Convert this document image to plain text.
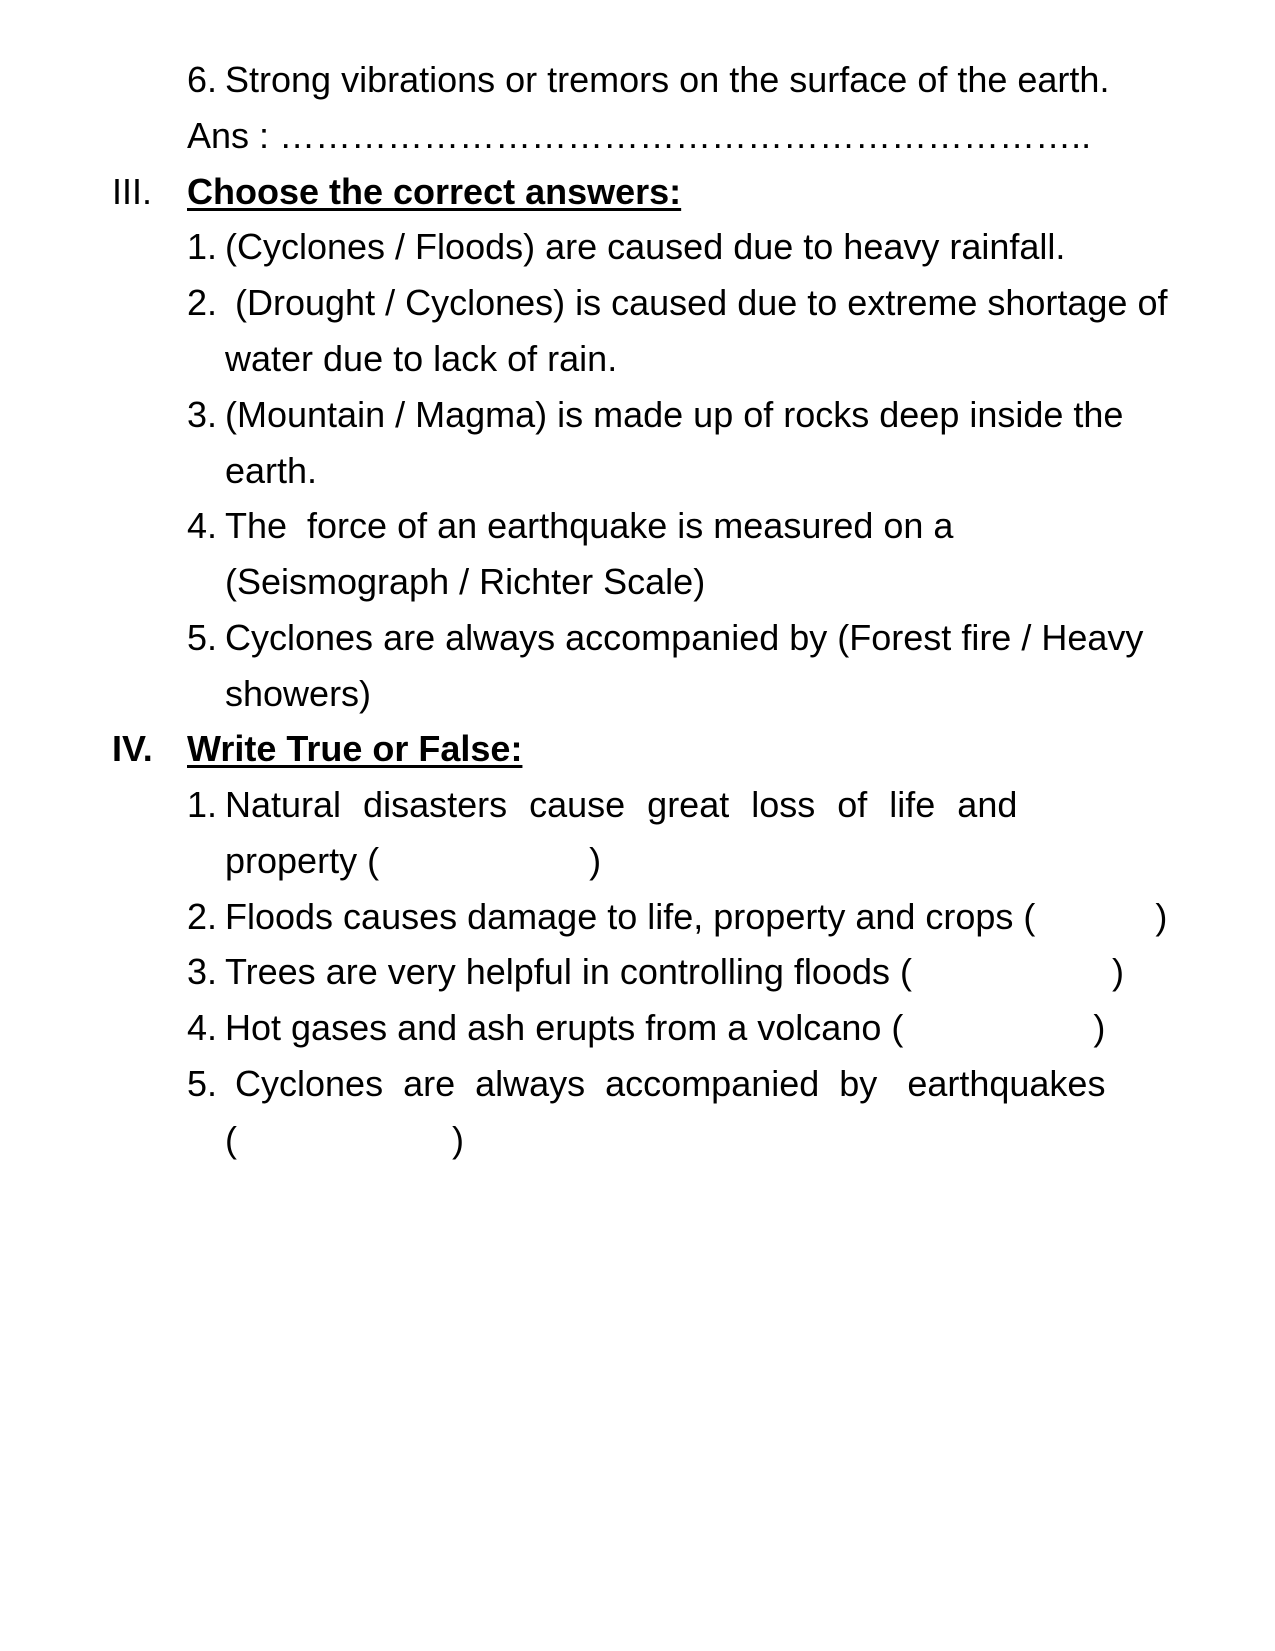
6. Strong vibrations or tremors on the surface of the earth.
Ans : …………………………………………………………..
III. Choose the correct answers:
1. (Cyclones / Floods) are caused due to heavy rainfall.
2. (Drought / Cyclones) is caused due to extreme shortage of
water due to lack of rain.
3. (Mountain / Magma) is made up of rocks deep inside the
earth.
4. The  force of an earthquake is measured on a
(Seismograph / Richter Scale)
5. Cyclones are always accompanied by (Forest fire / Heavy
showers)
IV. Write True or False:
1. Natural disasters cause great loss of life and
property (	)
2. Floods causes damage to life, property and crops (	)
3. Trees are very helpful in controlling floods (	)
4. Hot gases and ash erupts from a volcano (	)
5. Cyclones  are  always  accompanied  by   earthquakes
(	)
